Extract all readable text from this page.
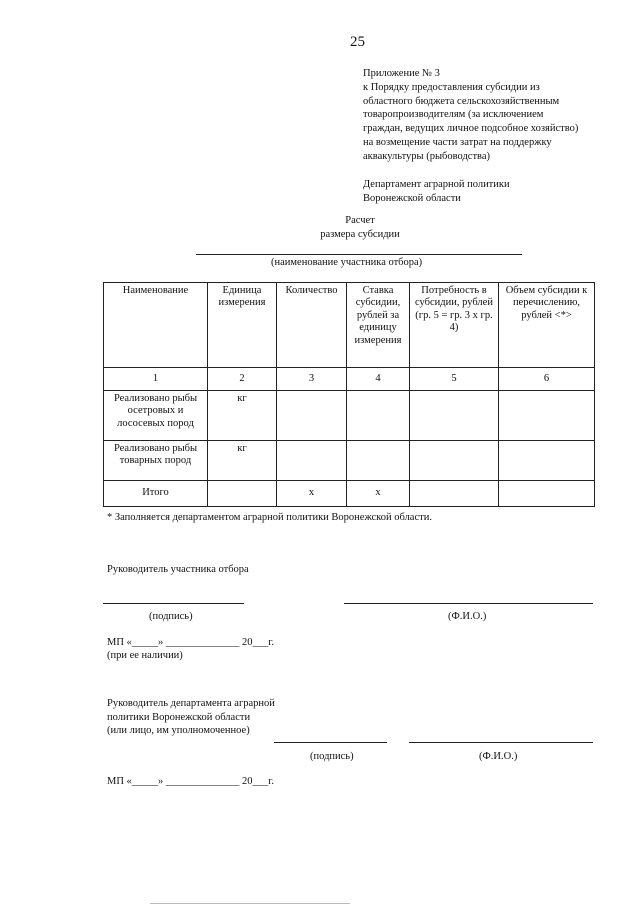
25
Приложение № 3
к Порядку предоставления субсидии из
областного бюджета сельскохозяйственным
товаропроизводителям (за исключением
граждан, ведущих личное подсобное хозяйство)
на возмещение части затрат на поддержку
аквакультуры (рыбоводства)
Департамент аграрной политики
Воронежской области
Расчет
размера субсидии
(наименование участника отбора)
Наименование	Единица измерения	Количество	Ставка субсидии, рублей за единицу измерения	Потребность в субсидии, рублей (гр. 5 = гр. 3 х гр. 4)	Объем субсидии к перечислению, рублей <*>
1	2	3	4	5	6
Реализовано рыбы осетровых и лососевых пород	кг				
Реализовано рыбы товарных пород	кг				
Итого		х	х		
* Заполняется департаментом аграрной политики Воронежской области.
Руководитель участника отбора
(подпись)	(Ф.И.О.)
МП «_____» ______________ 20___г.
(при ее наличии)
Руководитель департамента аграрной
политики Воронежской области
(или лицо, им уполномоченное)
(подпись)	(Ф.И.О.)
МП «_____» ______________ 20___г.
